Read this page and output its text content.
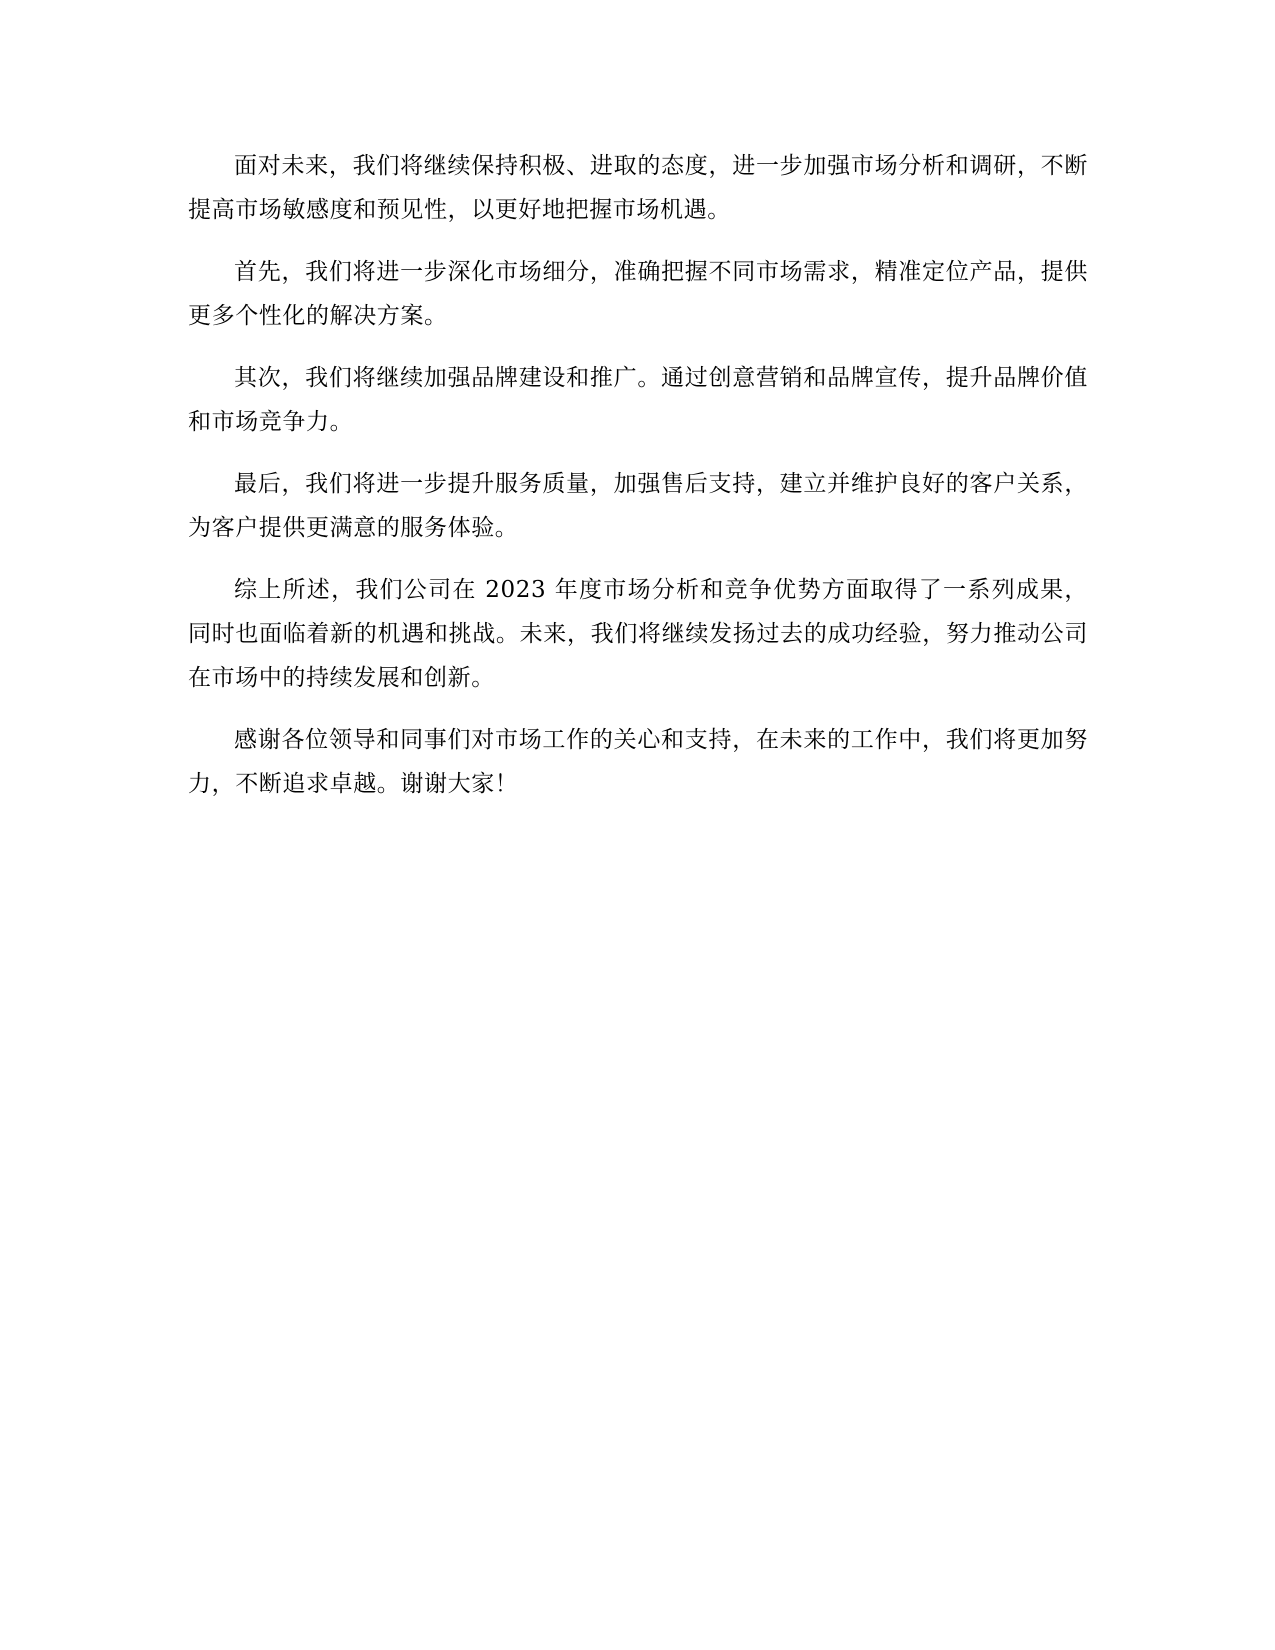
面对未来，我们将继续保持积极、进取的态度，进一步加强市场分析和调研，不断提高市场敏感度和预见性，以更好地把握市场机遇。

首先，我们将进一步深化市场细分，准确把握不同市场需求，精准定位产品，提供更多个性化的解决方案。

其次，我们将继续加强品牌建设和推广。通过创意营销和品牌宣传，提升品牌价值和市场竞争力。

最后，我们将进一步提升服务质量，加强售后支持，建立并维护良好的客户关系，为客户提供更满意的服务体验。

综上所述，我们公司在 2023 年度市场分析和竞争优势方面取得了一系列成果，同时也面临着新的机遇和挑战。未来，我们将继续发扬过去的成功经验，努力推动公司在市场中的持续发展和创新。

感谢各位领导和同事们对市场工作的关心和支持，在未来的工作中，我们将更加努力，不断追求卓越。谢谢大家！
